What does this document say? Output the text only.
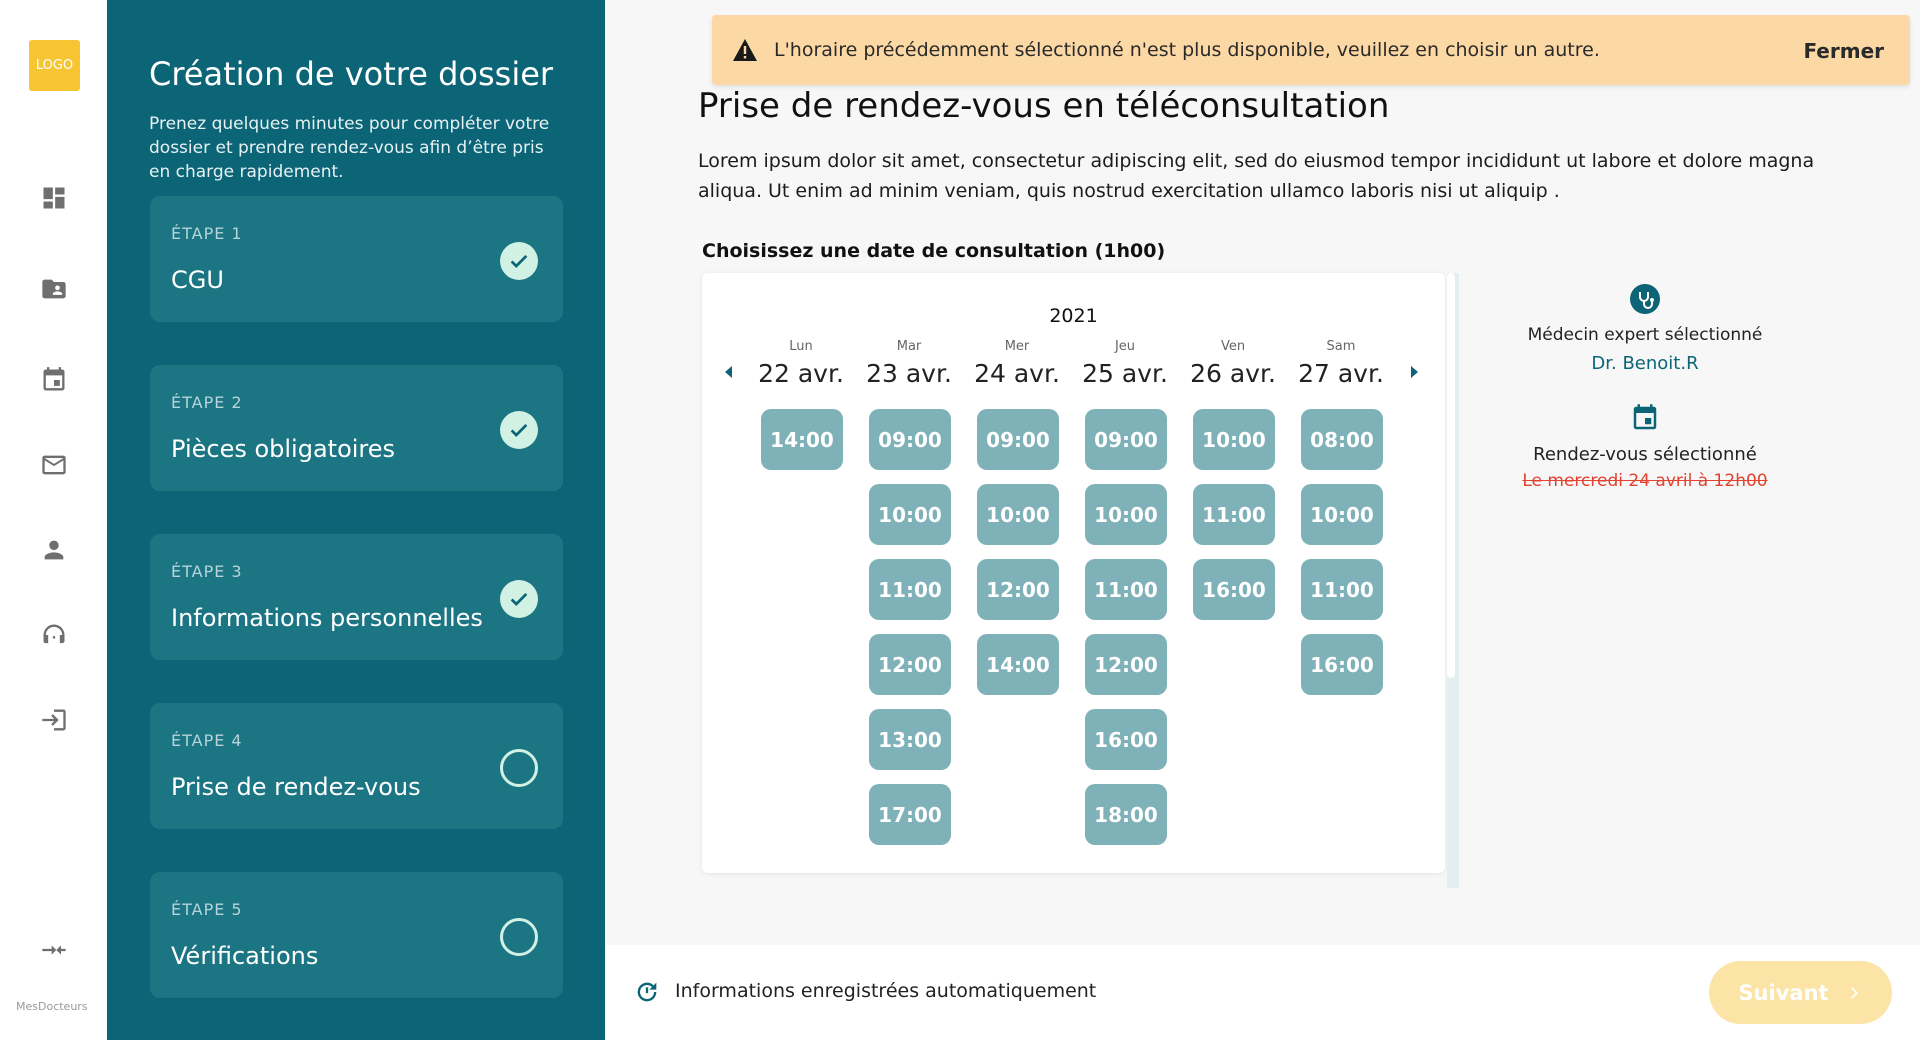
LOGO
MesDocteurs
Création de votre dossier
Prenez quelques minutes pour compléter votre dossier et prendre rendez-vous afin d’être pris en charge rapidement.
ÉTAPE 1
CGU
ÉTAPE 2
Pièces obligatoires
ÉTAPE 3
Informations personnelles
ÉTAPE 4
Prise de rendez-vous
ÉTAPE 5
Vérifications
L'horaire précédemment sélectionné n'est plus disponible, veuillez en choisir un autre.	Fermer
Prise de rendez-vous en téléconsultation
Lorem ipsum dolor sit amet, consectetur adipiscing elit, sed do eiusmod tempor incididunt ut labore et dolore magna aliqua. Ut enim ad minim veniam, quis nostrud exercitation ullamco laboris nisi ut aliquip .
Choisissez une date de consultation (1h00)
2021
Lun
22 avr.
14:00
Mar
23 avr.
09:00
10:00
11:00
12:00
13:00
17:00
Mer
24 avr.
09:00
10:00
12:00
14:00
Jeu
25 avr.
09:00
10:00
11:00
12:00
16:00
18:00
Ven
26 avr.
10:00
11:00
16:00
Sam
27 avr.
08:00
10:00
11:00
16:00
Médecin expert sélectionné
Dr. Benoit.R
Rendez-vous sélectionné
Le mercredi 24 avril à 12h00
Informations enregistrées automatiquement	Suivant
